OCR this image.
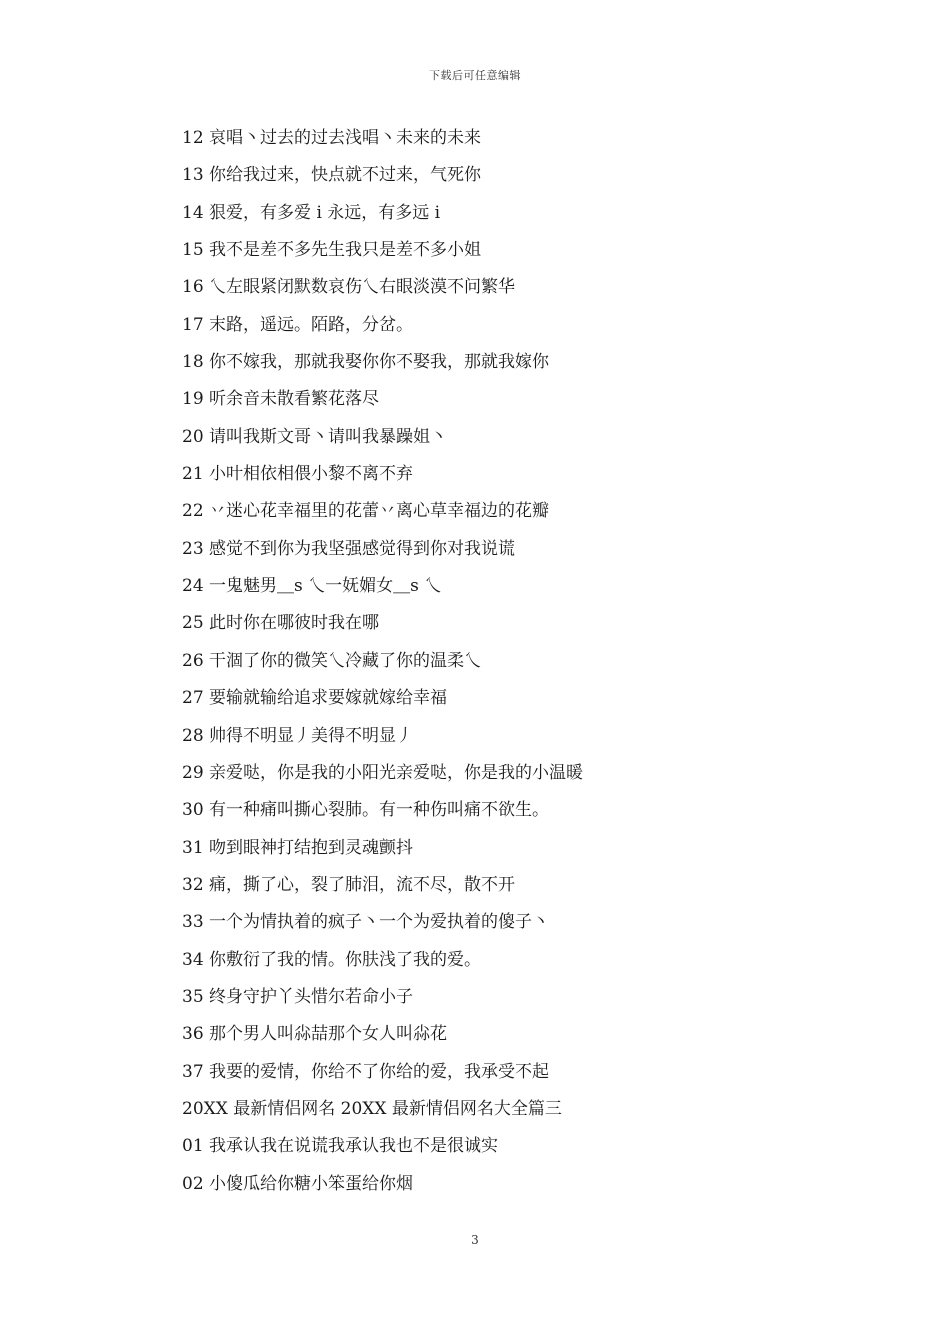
下载后可任意编辑
12 哀唱丶过去的过去浅唱丶未来的未来
13 你给我过来，快点就不过来，气死你
14 狠爱，有多爱 i 永远，有多远 i
15 我不是差不多先生我只是差不多小姐
16 乀左眼紧闭默数哀伤乀右眼淡漠不问繁华
17 末路，遥远。陌路，分岔。
18 你不嫁我，那就我娶你你不娶我，那就我嫁你
19 听余音未散看繁花落尽
20 请叫我斯文哥丶请叫我暴躁姐丶
21 小叶相依相偎小黎不离不弃
22 丷迷心花幸福里的花蕾丷离心草幸福边的花瓣
23 感觉不到你为我坚强感觉得到你对我说谎
24 一鬼魅男＿s 乀一妩媚女＿s 乀
25 此时你在哪彼时我在哪
26 干涸了你的微笑乀冷藏了你的温柔乀
27 要输就输给追求要嫁就嫁给幸福
28 帅得不明显丿美得不明显丿
29 亲爱哒，你是我的小阳光亲爱哒，你是我的小温暖
30 有一种痛叫撕心裂肺。有一种伤叫痛不欲生。
31 吻到眼神打结抱到灵魂颤抖
32 痛，撕了心，裂了肺泪，流不尽，散不开
33 一个为情执着的疯子丶一个为爱执着的傻子丶
34 你敷衍了我的情。你肤浅了我的爱。
35 终身守护丫头惜尔若命小子
36 那个男人叫尛喆那个女人叫尛花
37 我要的爱情，你给不了你给的爱，我承受不起
20XX 最新情侣网名 20XX 最新情侣网名大全篇三
01 我承认我在说谎我承认我也不是很诚实
02 小傻瓜给你糖小笨蛋给你烟
3
